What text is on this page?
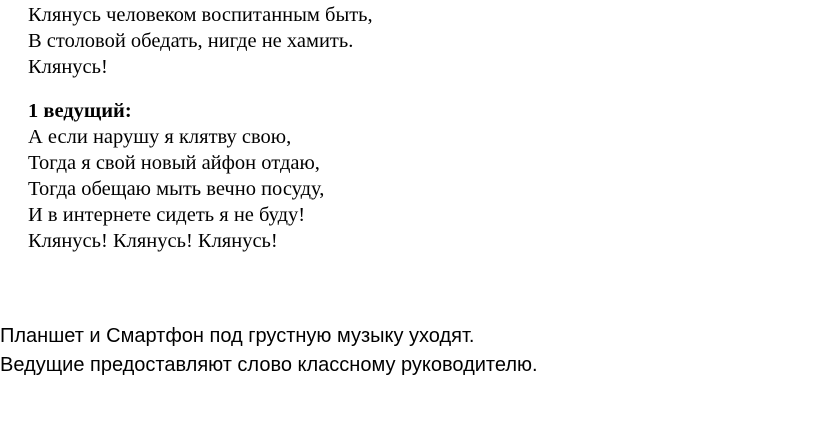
Клянусь человеком воспитанным быть,
В столовой обедать, нигде не хамить.
Клянусь!
1 ведущий:
А если нарушу я клятву свою,
Тогда я свой новый айфон отдаю,
Тогда обещаю мыть вечно посуду,
И в интернете сидеть я не буду!
Клянусь! Клянусь! Клянусь!
Планшет и Смартфон под грустную музыку уходят.
Ведущие предоставляют слово классному руководителю.
